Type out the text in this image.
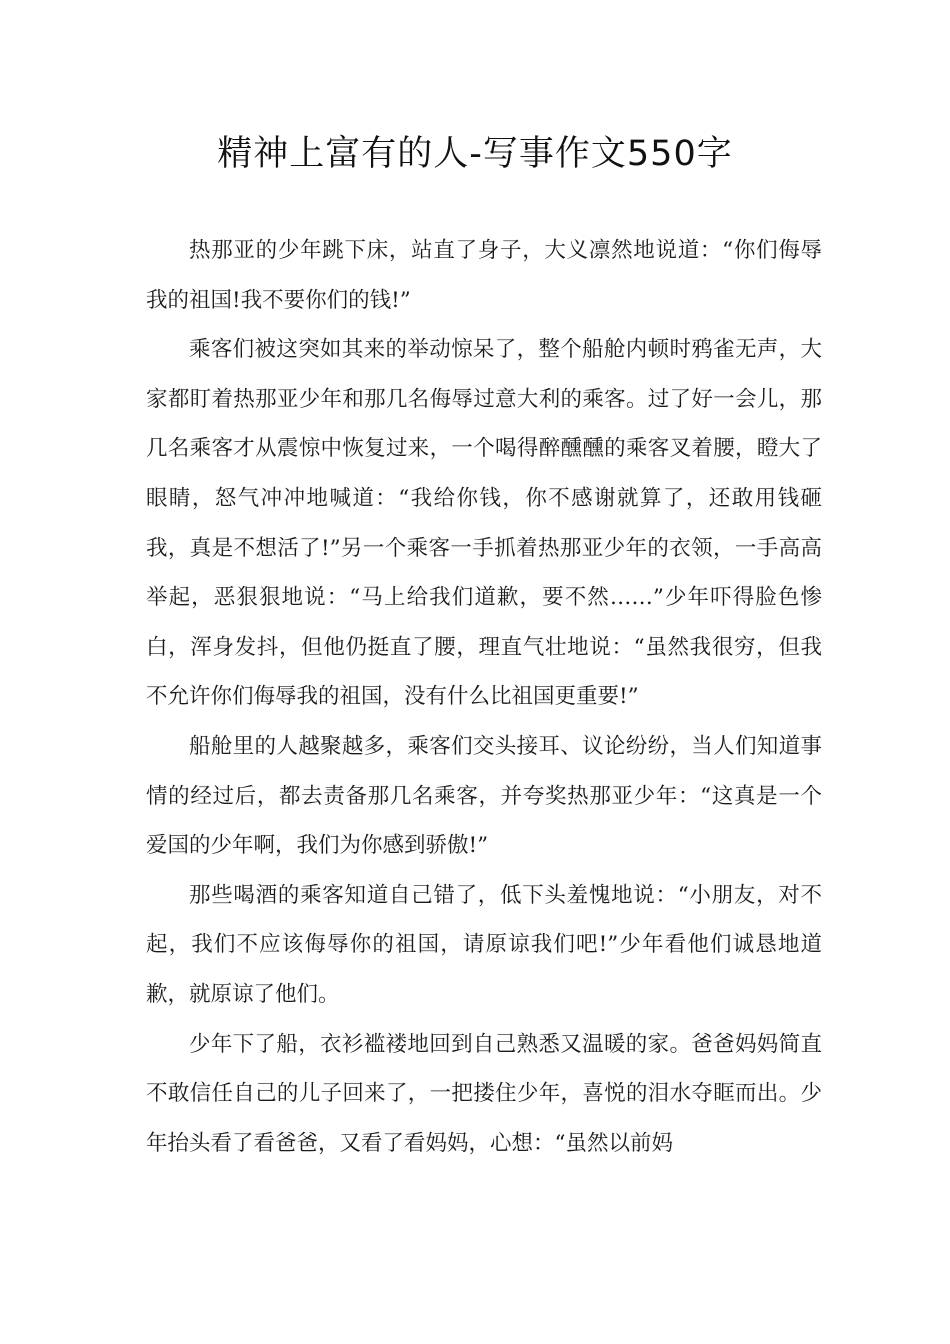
精神上富有的人-写事作文550字

热那亚的少年跳下床，站直了身子，大义凛然地说道：“你们侮辱我的祖国!我不要你们的钱!”

乘客们被这突如其来的举动惊呆了，整个船舱内顿时鸦雀无声，大家都盯着热那亚少年和那几名侮辱过意大利的乘客。过了好一会儿，那几名乘客才从震惊中恢复过来，一个喝得醉醺醺的乘客叉着腰，瞪大了眼睛，怒气冲冲地喊道：“我给你钱，你不感谢就算了，还敢用钱砸我，真是不想活了!”另一个乘客一手抓着热那亚少年的衣领，一手高高举起，恶狠狠地说：“马上给我们道歉，要不然……”少年吓得脸色惨白，浑身发抖，但他仍挺直了腰，理直气壮地说：“虽然我很穷，但我不允许你们侮辱我的祖国，没有什么比祖国更重要!”

船舱里的人越聚越多，乘客们交头接耳、议论纷纷，当人们知道事情的经过后，都去责备那几名乘客，并夸奖热那亚少年：“这真是一个爱国的少年啊，我们为你感到骄傲!”

那些喝酒的乘客知道自己错了，低下头羞愧地说：“小朋友，对不起，我们不应该侮辱你的祖国，请原谅我们吧!”少年看他们诚恳地道歉，就原谅了他们。

少年下了船，衣衫褴褛地回到自己熟悉又温暖的家。爸爸妈妈简直不敢信任自己的儿子回来了，一把搂住少年，喜悦的泪水夺眶而出。少年抬头看了看爸爸，又看了看妈妈，心想：“虽然以前妈
